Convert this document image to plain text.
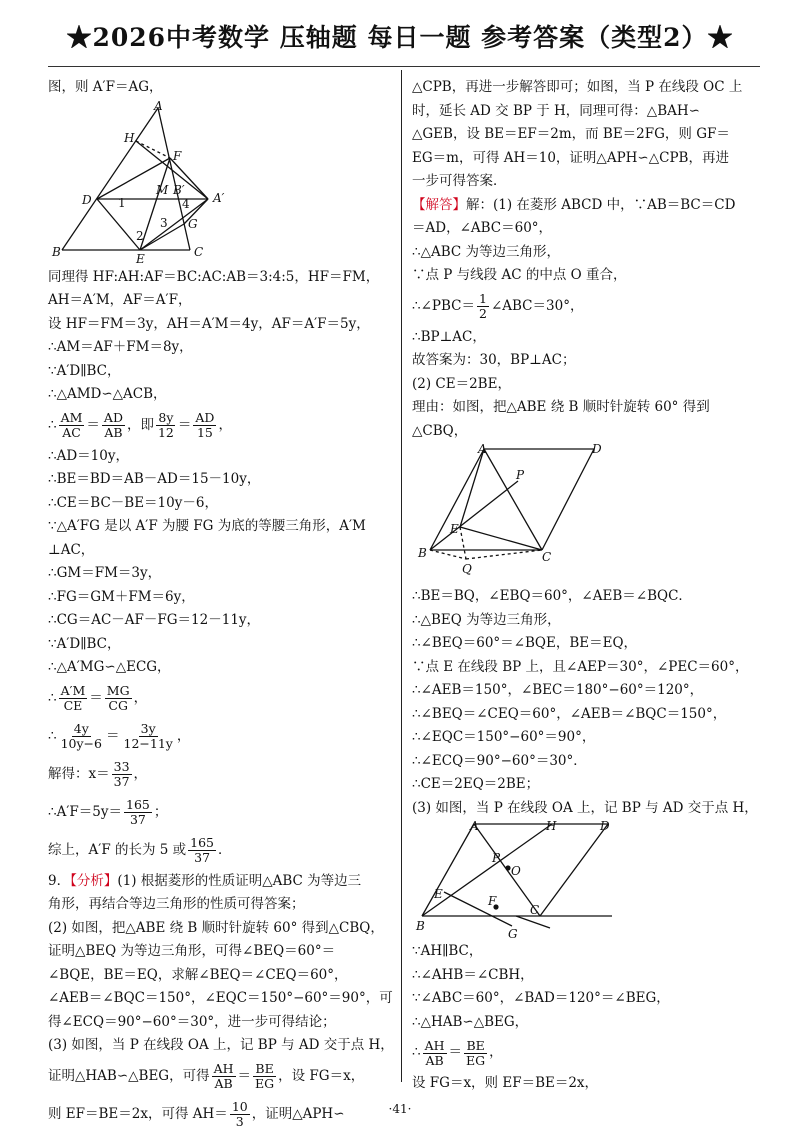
★2026中考数学 压轴题 每日一题 参考答案（类型2）★
图，则 A′F＝AG，
A
H
F
M B′
A′
D 1
3
4
G
2
B	E	C
同理得 HF:AH:AF＝BC:AC:AB＝3:4:5，HF＝FM，
AH＝A′M，AF＝A′F，
设 HF＝FM＝3y，AH＝A′M＝4y，AF＝A′F＝5y，
∴AM＝AF＋FM＝8y，
∵A′D∥BC，
∴△AMD∽△ACB，
∴ $\frac{AM}{AC} = \frac{AD}{AB}$ ，即 $\frac{8y}{12} = \frac{AD}{15}$ ，
∴AD＝10y，
∴BE＝BD＝AB－AD＝15－10y，
∴CE＝BC－BE＝10y－6，
∵△A′FG 是以 A′F 为腰 FG 为底的等腰三角形，A′M
⊥AC，
∴GM＝FM＝3y，
∴FG＝GM＋FM＝6y，
∴CG＝AC－AF－FG＝12－11y，
∵A′D∥BC，
∴△A′MG∽△ECG，
∴ $\frac{A'M}{CE} = \frac{MG}{CG}$ ，
∴ $\frac{4y}{10y-6} = \frac{3y}{12-11y}$ ，
解得：$x= \frac{33}{37}$ ，
∴A′F＝5y＝ $\frac{165}{37}$ ；
综上，A′F 的长为 5 或 $\frac{165}{37}$ ．
9．【分析】(1) 根据菱形的性质证明△ABC 为等边三
角形，再结合等边三角形的性质可得答案；
(2) 如图，把△ABE 绕 B 顺时针旋转 60° 得到△CBQ，
证明△BEQ 为等边三角形，可得∠BEQ＝60°＝
∠BQE，BE＝EQ，求解∠BEQ＝∠CEQ＝60°，
∠AEB＝∠BQC＝150°，∠EQC＝150°−60°＝90°，可
得∠ECQ＝90°−60°＝30°，进一步可得结论；
(3) 如图，当 P 在线段 OA 上，记 BP 与 AD 交于点 H，
证明△HAB∽△BEG，可得 $\frac{AH}{AB} = \frac{BE}{EG}$ ，设 FG＝x，
则 EF＝BE＝2x，可得 $AH= \frac{10}{3}$ ，证明△APH∽
△CPB，再进一步解答即可；如图，当 P 在线段 OC 上
时，延长 AD 交 BP 于 H，同理可得：△BAH∽
△GEB，设 BE＝EF＝2m，而 BE＝2FG，则 GF＝
EG＝m，可得 AH＝10，证明△APH∽△CPB，再进
一步可得答案．
【解答】解：(1) 在菱形 ABCD 中，∵AB＝BC＝CD
＝AD，∠ABC＝60°，
∴△ABC 为等边三角形，
∵点 P 与线段 AC 的中点 O 重合，
∴∠PBC＝ $\frac{1}{2}$ ∠ABC＝30°，
∴BP⊥AC，
故答案为：30，BP⊥AC；
(2) CE＝2BE，
理由：如图，把△ABE 绕 B 顺时针旋转 60° 得到
△CBQ，
A	D
P
E
B
Q
C
∴BE＝BQ，∠EBQ＝60°，∠AEB＝∠BQC．
∴△BEQ 为等边三角形，
∴∠BEQ＝60°＝∠BQE，BE＝EQ，
∵点 E 在线段 BP 上，且∠AEP＝30°，∠PEC＝60°，
∴∠AEB＝150°，∠BEC＝180°−60°＝120°，
∴∠BEQ＝∠CEQ＝60°，∠AEB＝∠BQC＝150°，
∴∠EQC＝150°−60°＝90°，
∴∠ECQ＝90°−60°＝30°．
∴CE＝2EQ＝2BE；
(3) 如图，当 P 在线段 OA 上，记 BP 与 AD 交于点 H，
A	H	D
P
O
E	F
C
B
G
∵AH∥BC，
∴∠AHB＝∠CBH，
∵∠ABC＝60°，∠BAD＝120°＝∠BEG，
∴△HAB∽△BEG，
∴ $\frac{AH}{AB} = \frac{BE}{EG}$ ，
设 FG＝x，则 EF＝BE＝2x，
·41·
